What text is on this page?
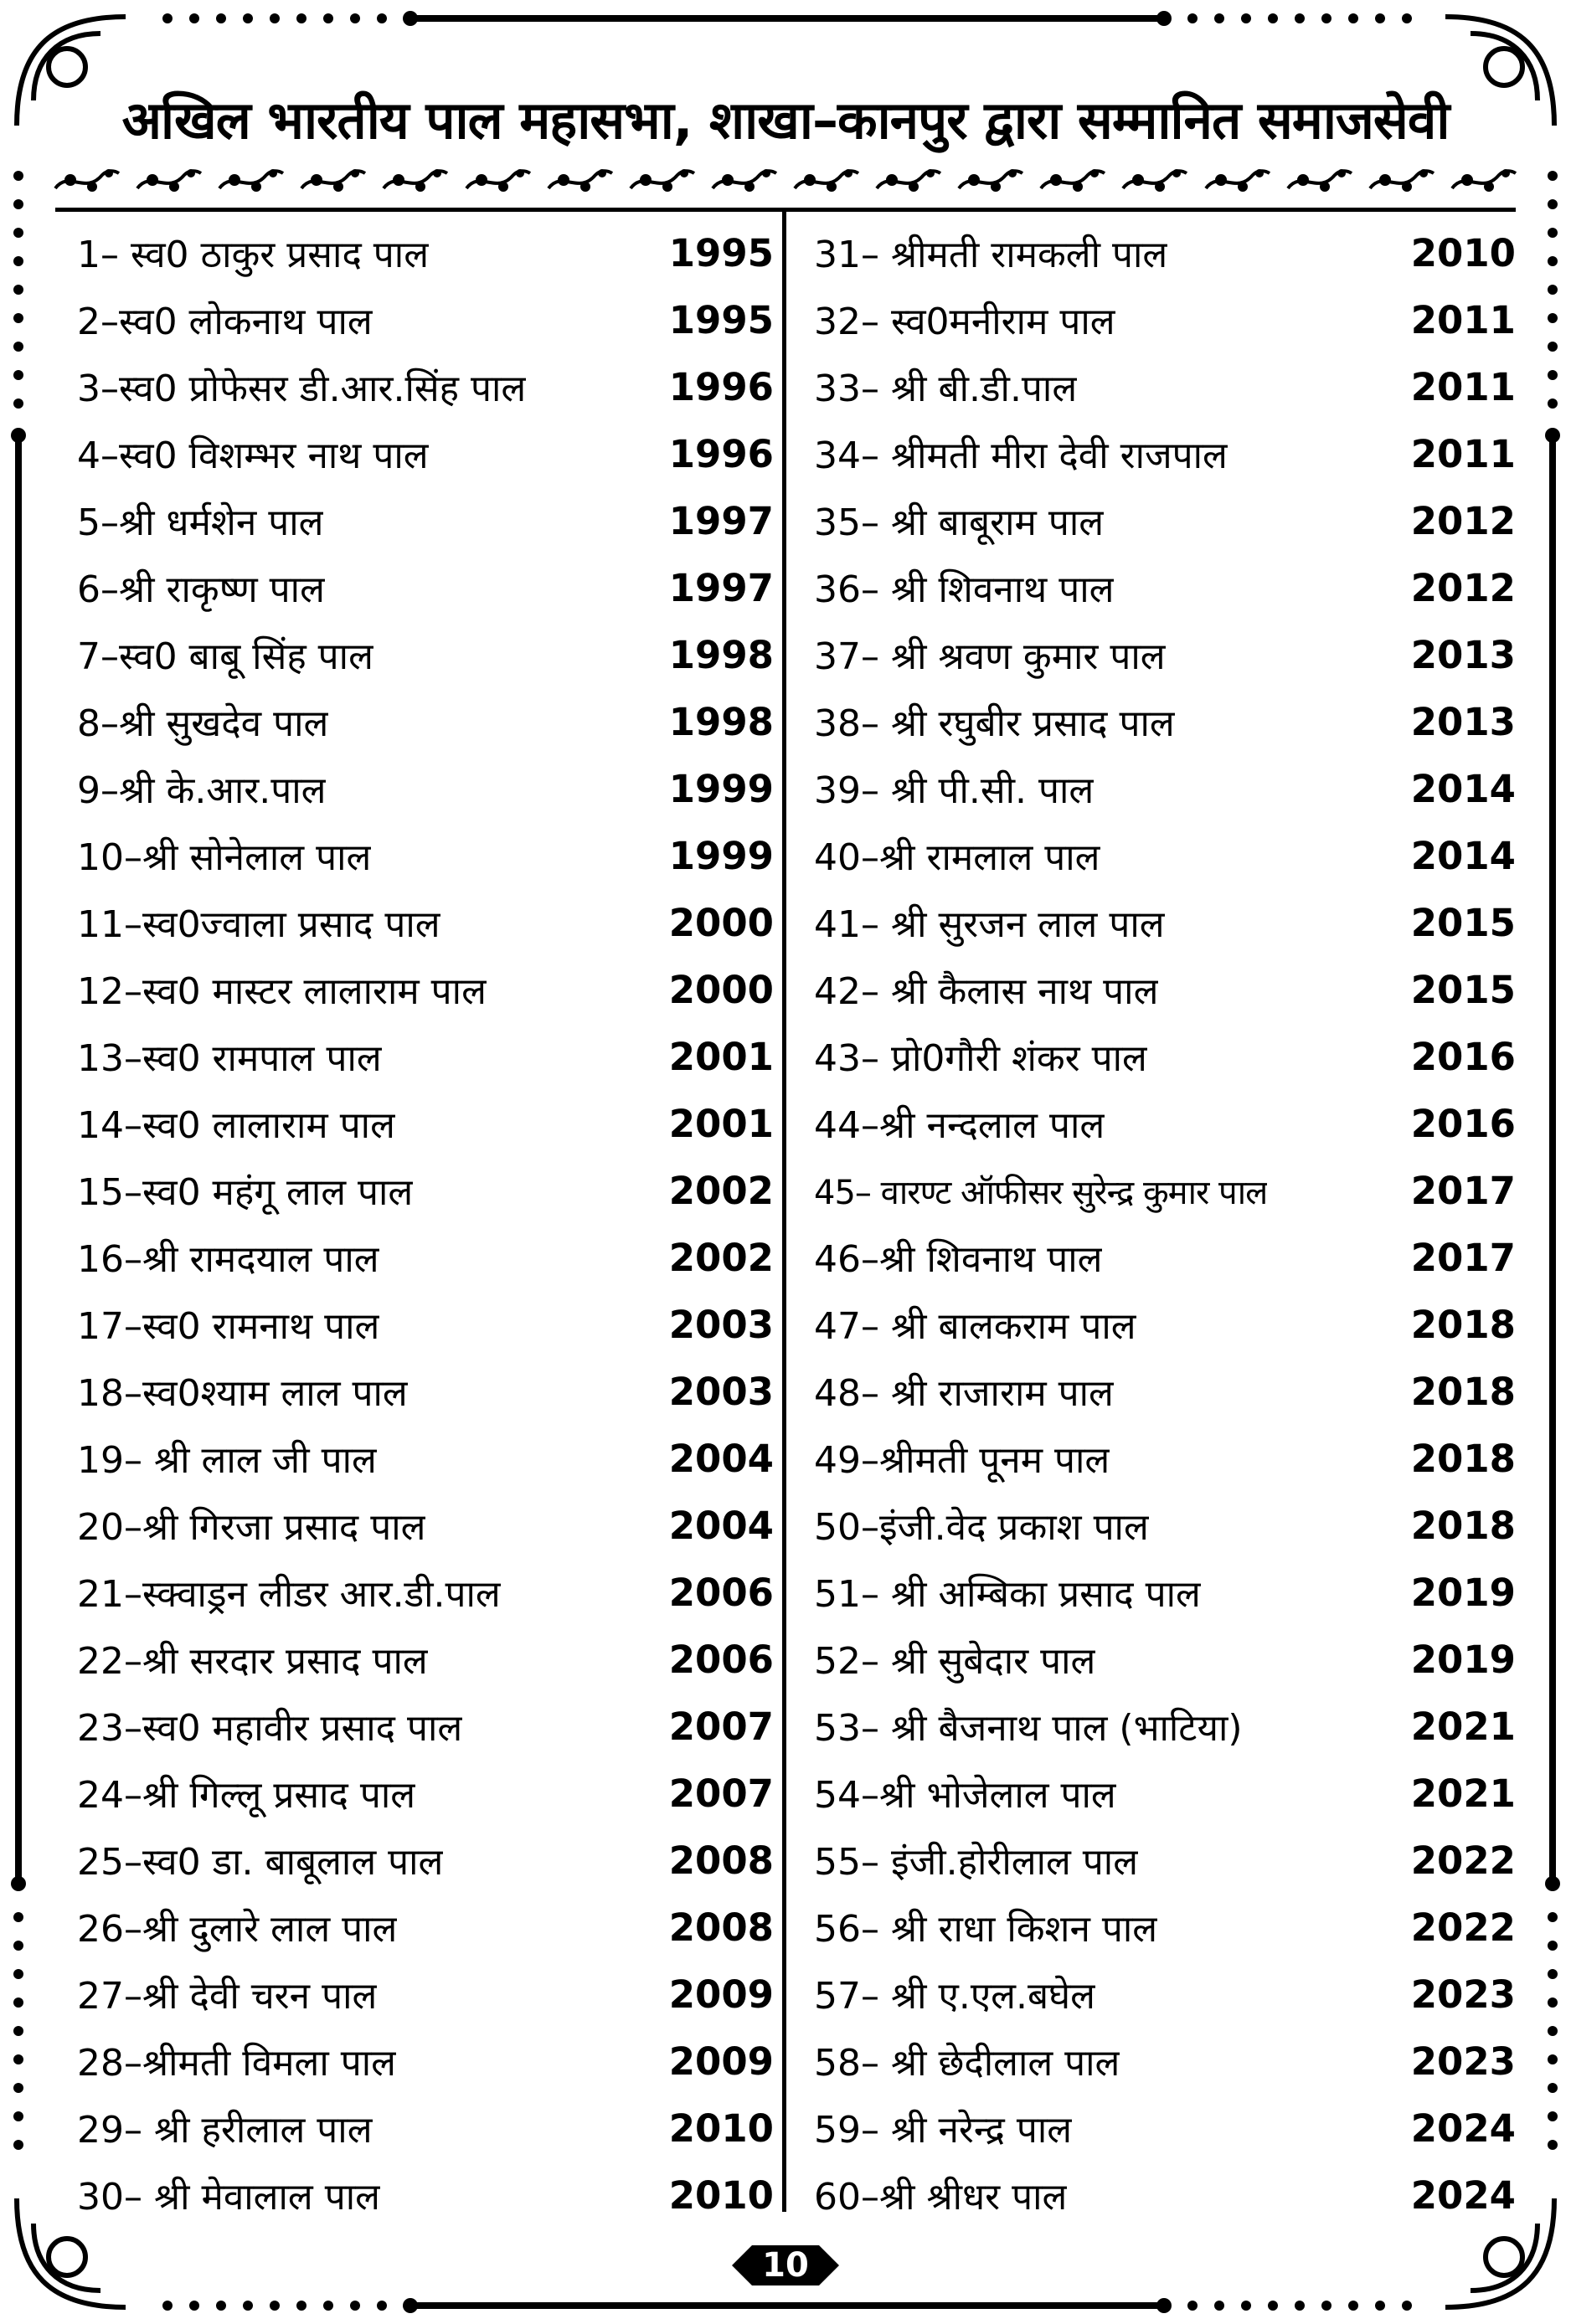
अखिल भारतीय पाल महासभा, शाखा–कानपुर द्वारा सम्मानित समाजसेवी
1– स्व0 ठाकुर प्रसाद पाल	1995
2–स्व0 लोकनाथ पाल	1995
3–स्व0 प्रोफेसर डी.आर.सिंह पाल	1996
4–स्व0 विशम्भर नाथ पाल	1996
5–श्री धर्मशेन पाल	1997
6–श्री राकृष्ण पाल	1997
7–स्व0 बाबू सिंह पाल	1998
8–श्री सुखदेव पाल	1998
9–श्री के.आर.पाल	1999
10–श्री सोनेलाल पाल	1999
11–स्व0ज्वाला प्रसाद पाल	2000
12–स्व0 मास्टर लालाराम पाल	2000
13–स्व0 रामपाल पाल	2001
14–स्व0 लालाराम पाल	2001
15–स्व0 महंगू लाल पाल	2002
16–श्री रामदयाल पाल	2002
17–स्व0 रामनाथ पाल	2003
18–स्व0श्याम लाल पाल	2003
19– श्री लाल जी पाल	2004
20–श्री गिरजा प्रसाद पाल	2004
21–स्क्वाड्रन लीडर आर.डी.पाल	2006
22–श्री सरदार प्रसाद पाल	2006
23–स्व0 महावीर प्रसाद पाल	2007
24–श्री गिल्लू प्रसाद पाल	2007
25–स्व0 डा. बाबूलाल पाल	2008
26–श्री दुलारे लाल पाल	2008
27–श्री देवी चरन पाल	2009
28–श्रीमती विमला पाल	2009
29– श्री हरीलाल पाल	2010
30– श्री मेवालाल पाल	2010
31– श्रीमती रामकली पाल	2010
32– स्व0मनीराम पाल	2011
33– श्री बी.डी.पाल	2011
34– श्रीमती मीरा देवी राजपाल	2011
35– श्री बाबूराम पाल	2012
36– श्री शिवनाथ पाल	2012
37– श्री श्रवण कुमार पाल	2013
38– श्री रघुबीर प्रसाद पाल	2013
39– श्री पी.सी. पाल	2014
40–श्री रामलाल पाल	2014
41– श्री सुरजन लाल पाल	2015
42– श्री कैलास नाथ पाल	2015
43– प्रो0गौरी शंकर पाल	2016
44–श्री नन्दलाल पाल	2016
45– वारण्ट ऑफीसर सुरेन्द्र कुमार पाल	2017
46–श्री शिवनाथ पाल	2017
47– श्री बालकराम पाल	2018
48– श्री राजाराम पाल	2018
49–श्रीमती पूनम पाल	2018
50–इंजी.वेद प्रकाश पाल	2018
51– श्री अम्बिका प्रसाद पाल	2019
52– श्री सुबेदार पाल	2019
53– श्री बैजनाथ पाल (भाटिया)	2021
54–श्री भोजेलाल पाल	2021
55– इंजी.होरीलाल पाल	2022
56– श्री राधा किशन पाल	2022
57– श्री ए.एल.बघेल	2023
58– श्री छेदीलाल पाल	2023
59– श्री नरेन्द्र पाल	2024
60–श्री श्रीधर पाल	2024
10
